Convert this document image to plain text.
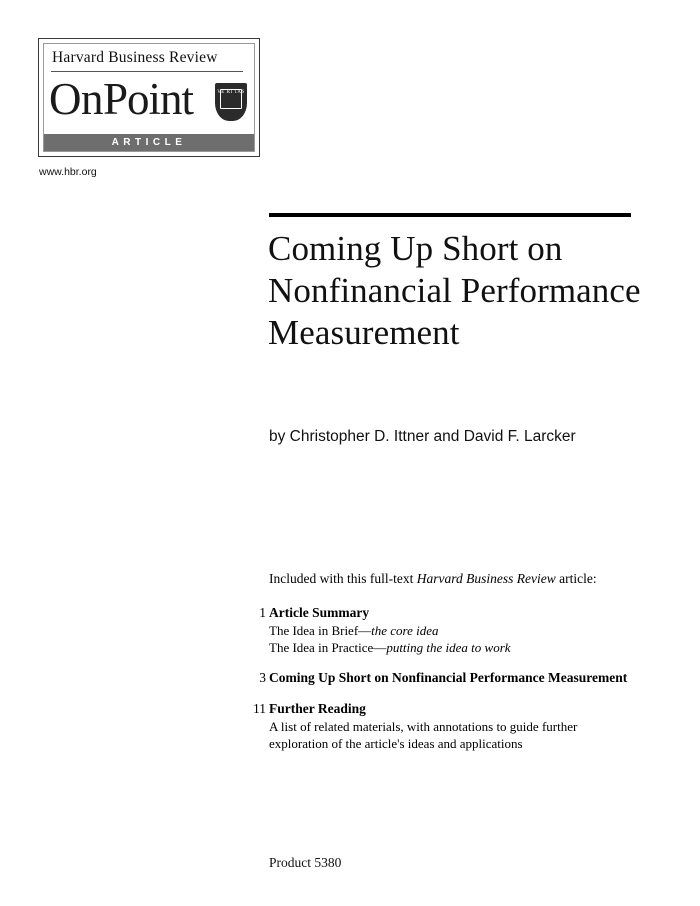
Harvard Business Review
OnPoint	VE RI TAS
ARTICLE
www.hbr.org
Coming Up Short on Nonfinancial Performance Measurement
by Christopher D. Ittner and David F. Larcker
Included with this full-text Harvard Business Review article:
1 Article Summary
The Idea in Brief—the core idea
The Idea in Practice—putting the idea to work
3 Coming Up Short on Nonfinancial Performance Measurement
11 Further Reading
A list of related materials, with annotations to guide further
exploration of the article's ideas and applications
Product 5380
